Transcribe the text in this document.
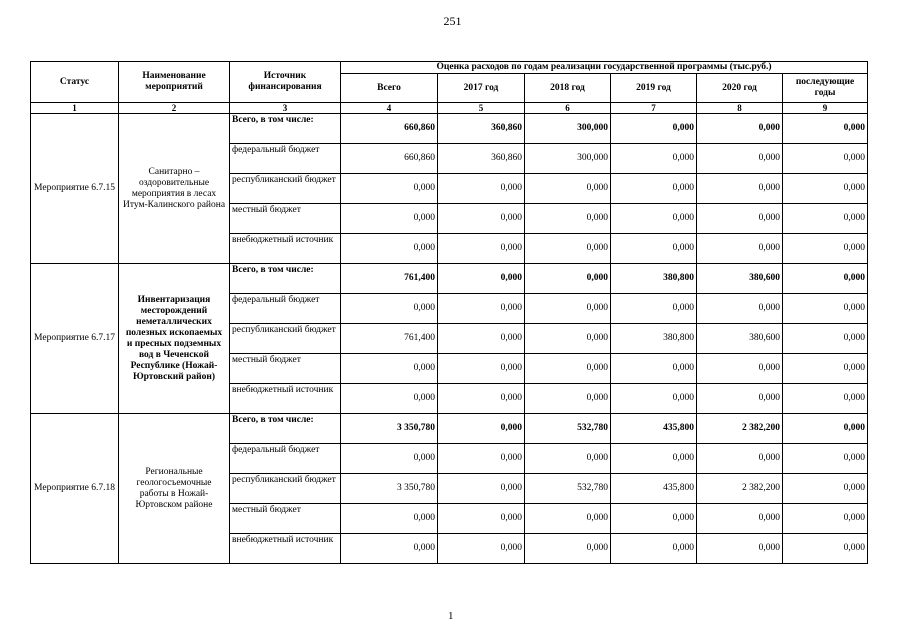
251
Статус	Наименование мероприятий	Источник финансирования	Оценка расходов по годам реализации государственной программы (тыс.руб.)					
			Всего	2017 год	2018 год	2019 год	2020 год	последующие годы
1	2	3	4	5	6	7	8	9
Мероприятие 6.7.15	Санитарно – оздоровительные мероприятия в лесах Итум-Калинского района	Всего, в том числе:	660,860	360,860	300,000	0,000	0,000	0,000
		федеральный бюджет	660,860	360,860	300,000	0,000	0,000	0,000
		республиканский бюджет	0,000	0,000	0,000	0,000	0,000	0,000
		местный бюджет	0,000	0,000	0,000	0,000	0,000	0,000
		внебюджетный источник	0,000	0,000	0,000	0,000	0,000	0,000
Мероприятие 6.7.17	Инвентаризация месторождений неметаллических полезных ископаемых и пресных подземных вод в Чеченской Республике (Ножай-Юртовский район)	Всего, в том числе:	761,400	0,000	0,000	380,800	380,600	0,000
		федеральный бюджет	0,000	0,000	0,000	0,000	0,000	0,000
		республиканский бюджет	761,400	0,000	0,000	380,800	380,600	0,000
		местный бюджет	0,000	0,000	0,000	0,000	0,000	0,000
		внебюджетный источник	0,000	0,000	0,000	0,000	0,000	0,000
Мероприятие 6.7.18	Региональные геологосъемочные работы в Ножай-Юртовском районе	Всего, в том числе:	3 350,780	0,000	532,780	435,800	2 382,200	0,000
		федеральный бюджет	0,000	0,000	0,000	0,000	0,000	0,000
		республиканский бюджет	3 350,780	0,000	532,780	435,800	2 382,200	0,000
		местный бюджет	0,000	0,000	0,000	0,000	0,000	0,000
		внебюджетный источник	0,000	0,000	0,000	0,000	0,000	0,000
1
